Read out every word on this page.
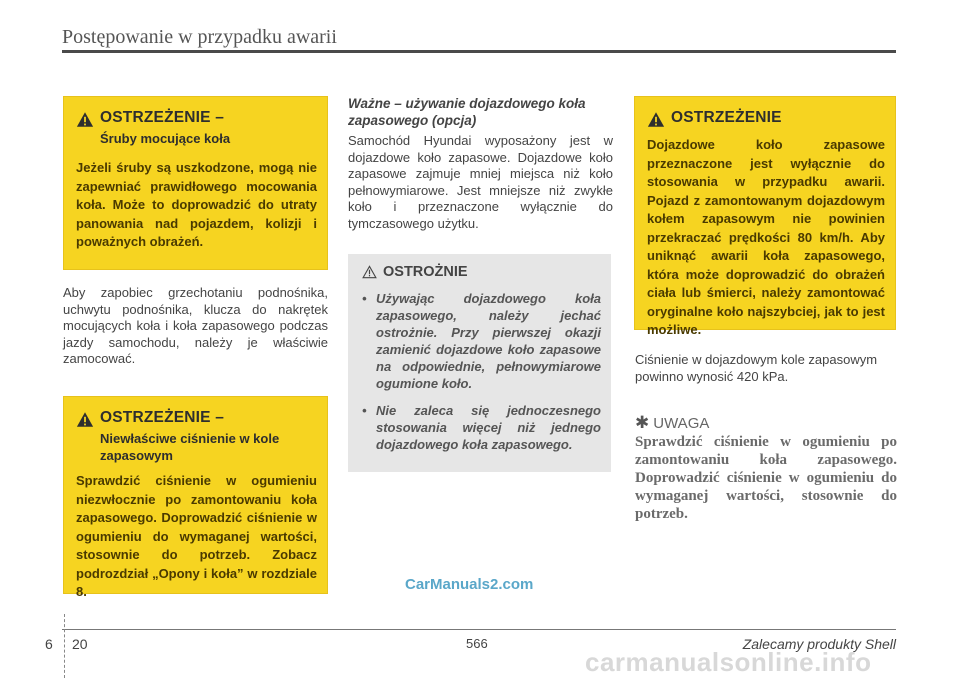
Postępowanie w przypadku awarii
OSTRZEŻENIE –
Śruby mocujące koła
Jeżeli śruby są uszkodzone, mogą nie zapewniać prawidłowego mocowania koła. Może to doprowadzić do utraty panowania nad pojazdem, kolizji i poważnych obrażeń.
Aby zapobiec grzechotaniu podnośnika, uchwytu podnośnika, klucza do nakrętek mocujących koła i koła zapasowego podczas jazdy samochodu, należy je właściwie zamocować.
OSTRZEŻENIE –
Niewłaściwe ciśnienie w kole zapasowym
Sprawdzić ciśnienie w ogumieniu niezwłocznie po zamontowaniu koła zapasowego. Doprowadzić ciśnienie w ogumieniu do wymaganej wartości, stosownie do potrzeb. Zobacz podrozdział „Opony i koła” w rozdziale 8.
Ważne – używanie dojazdowego koła zapasowego (opcja)
Samochód Hyundai wyposażony jest w dojazdowe koło zapasowe. Dojazdowe koło zapasowe zajmuje mniej miejsca niż koło pełnowymiarowe. Jest mniejsze niż zwykłe koło i przeznaczone wyłącznie do tymczasowego użytku.
OSTROŻNIE
• Używając dojazdowego koła zapasowego, należy jechać ostrożnie. Przy pierwszej okazji zamienić dojazdowe koło zapasowe na odpowiednie, pełnowymiarowe ogumione koło.
• Nie zaleca się jednoczesnego stosowania więcej niż jednego dojazdowego koła zapasowego.
OSTRZEŻENIE
Dojazdowe koło zapasowe przeznaczone jest wyłącznie do stosowania w przypadku awarii. Pojazd z zamontowanym dojazdowym kołem zapasowym nie powinien przekraczać prędkości 80 km/h. Aby uniknąć awarii koła zapasowego, która może doprowadzić do obrażeń ciała lub śmierci, należy zamontować oryginalne koło najszybciej, jak to jest możliwe.
Ciśnienie w dojazdowym kole zapasowym powinno wynosić 420 kPa.
✱ UWAGA
Sprawdzić ciśnienie w ogumieniu po zamontowaniu koła zapasowego. Doprowadzić ciśnienie w ogumieniu do wymaganej wartości, stosownie do potrzeb.
CarManuals2.com
6 20	566	Zalecamy produkty Shell
carmanualsonline.info
